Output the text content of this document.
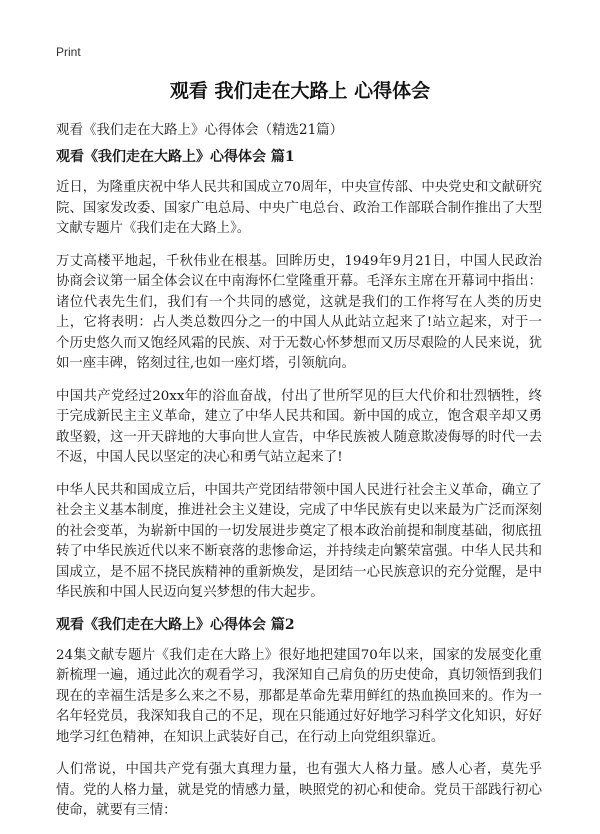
Print
观看 我们走在大路上 心得体会

观看《我们走在大路上》心得体会（精选21篇）

观看《我们走在大路上》心得体会 篇1

近日，为隆重庆祝中华人民共和国成立70周年，中央宣传部、中央党史和文献研究院、国家发改委、国家广电总局、中央广电总台、政治工作部联合制作推出了大型文献专题片《我们走在大路上》。

万丈高楼平地起，千秋伟业在根基。回眸历史，1949年9月21日，中国人民政治协商会议第一届全体会议在中南海怀仁堂隆重开幕。毛泽东主席在开幕词中指出：诸位代表先生们，我们有一个共同的感觉，这就是我们的工作将写在人类的历史上，它将表明：占人类总数四分之一的中国人从此站立起来了!站立起来，对于一个历史悠久而又饱经风霜的民族、对于无数心怀梦想而又历尽艰险的人民来说，犹如一座丰碑，铭刻过往,也如一座灯塔，引领航向。

中国共产党经过20xx年的浴血奋战，付出了世所罕见的巨大代价和壮烈牺牲，终于完成新民主主义革命，建立了中华人民共和国。新中国的成立，饱含艰辛却又勇敢坚毅，这一开天辟地的大事向世人宣告，中华民族被人随意欺凌侮辱的时代一去不返，中国人民以坚定的决心和勇气站立起来了!

中华人民共和国成立后，中国共产党团结带领中国人民进行社会主义革命，确立了社会主义基本制度，推进社会主义建设，完成了中华民族有史以来最为广泛而深刻的社会变革，为崭新中国的一切发展进步奠定了根本政治前提和制度基础，彻底扭转了中华民族近代以来不断衰落的悲惨命运，并持续走向繁荣富强。中华人民共和国成立，是不屈不挠民族精神的重新焕发，是团结一心民族意识的充分觉醒，是中华民族和中国人民迈向复兴梦想的伟大起步。

观看《我们走在大路上》心得体会 篇2

24集文献专题片《我们走在大路上》很好地把建国70年以来，国家的发展变化重新梳理一遍，通过此次的观看学习，我深知自己肩负的历史使命，真切领悟到我们现在的幸福生活是多么来之不易，那都是革命先辈用鲜红的热血换回来的。作为一名年轻党员，我深知我自己的不足，现在只能通过好好地学习科学文化知识，好好地学习红色精神，在知识上武装好自己，在行动上向党组织靠近。

人们常说，中国共产党有强大真理力量，也有强大人格力量。感人心者，莫先乎情。党的人格力量，就是党的情感力量，映照党的初心和使命。党员干部践行初心使命，就要有三情：
